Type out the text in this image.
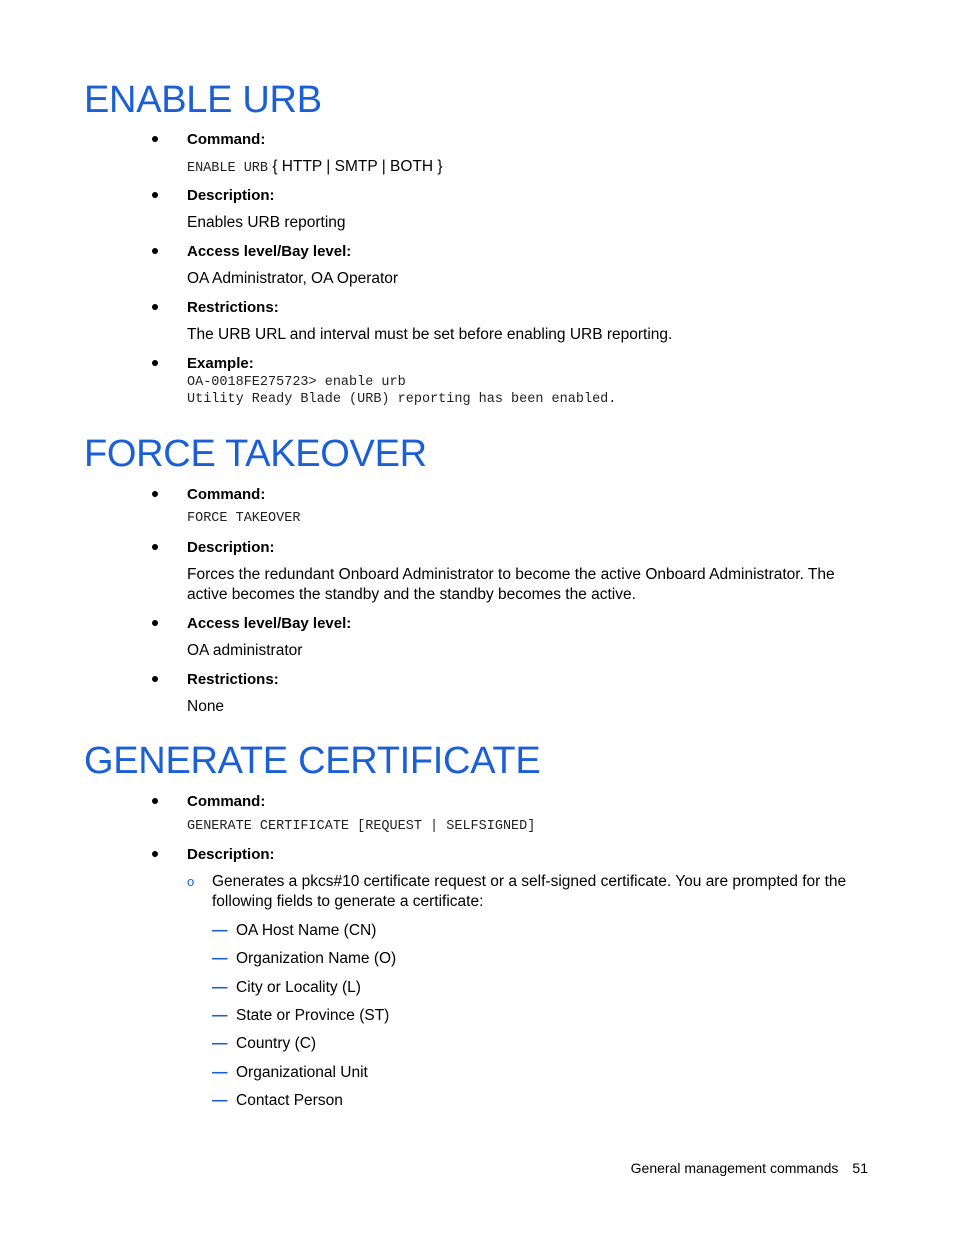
ENABLE URB
Command:
ENABLE URB { HTTP | SMTP | BOTH }
Description:
Enables URB reporting
Access level/Bay level:
OA Administrator, OA Operator
Restrictions:
The URB URL and interval must be set before enabling URB reporting.
Example:
OA-0018FE275723> enable urb
Utility Ready Blade (URB) reporting has been enabled.
FORCE TAKEOVER
Command:
FORCE TAKEOVER
Description:
Forces the redundant Onboard Administrator to become the active Onboard Administrator. The active becomes the standby and the standby becomes the active.
Access level/Bay level:
OA administrator
Restrictions:
None
GENERATE CERTIFICATE
Command:
GENERATE CERTIFICATE [REQUEST | SELFSIGNED]
Description:
o Generates a pkcs#10 certificate request or a self-signed certificate. You are prompted for the following fields to generate a certificate:
— OA Host Name (CN)
— Organization Name (O)
— City or Locality (L)
— State or Province (ST)
— Country (C)
— Organizational Unit
— Contact Person
General management commands 51
